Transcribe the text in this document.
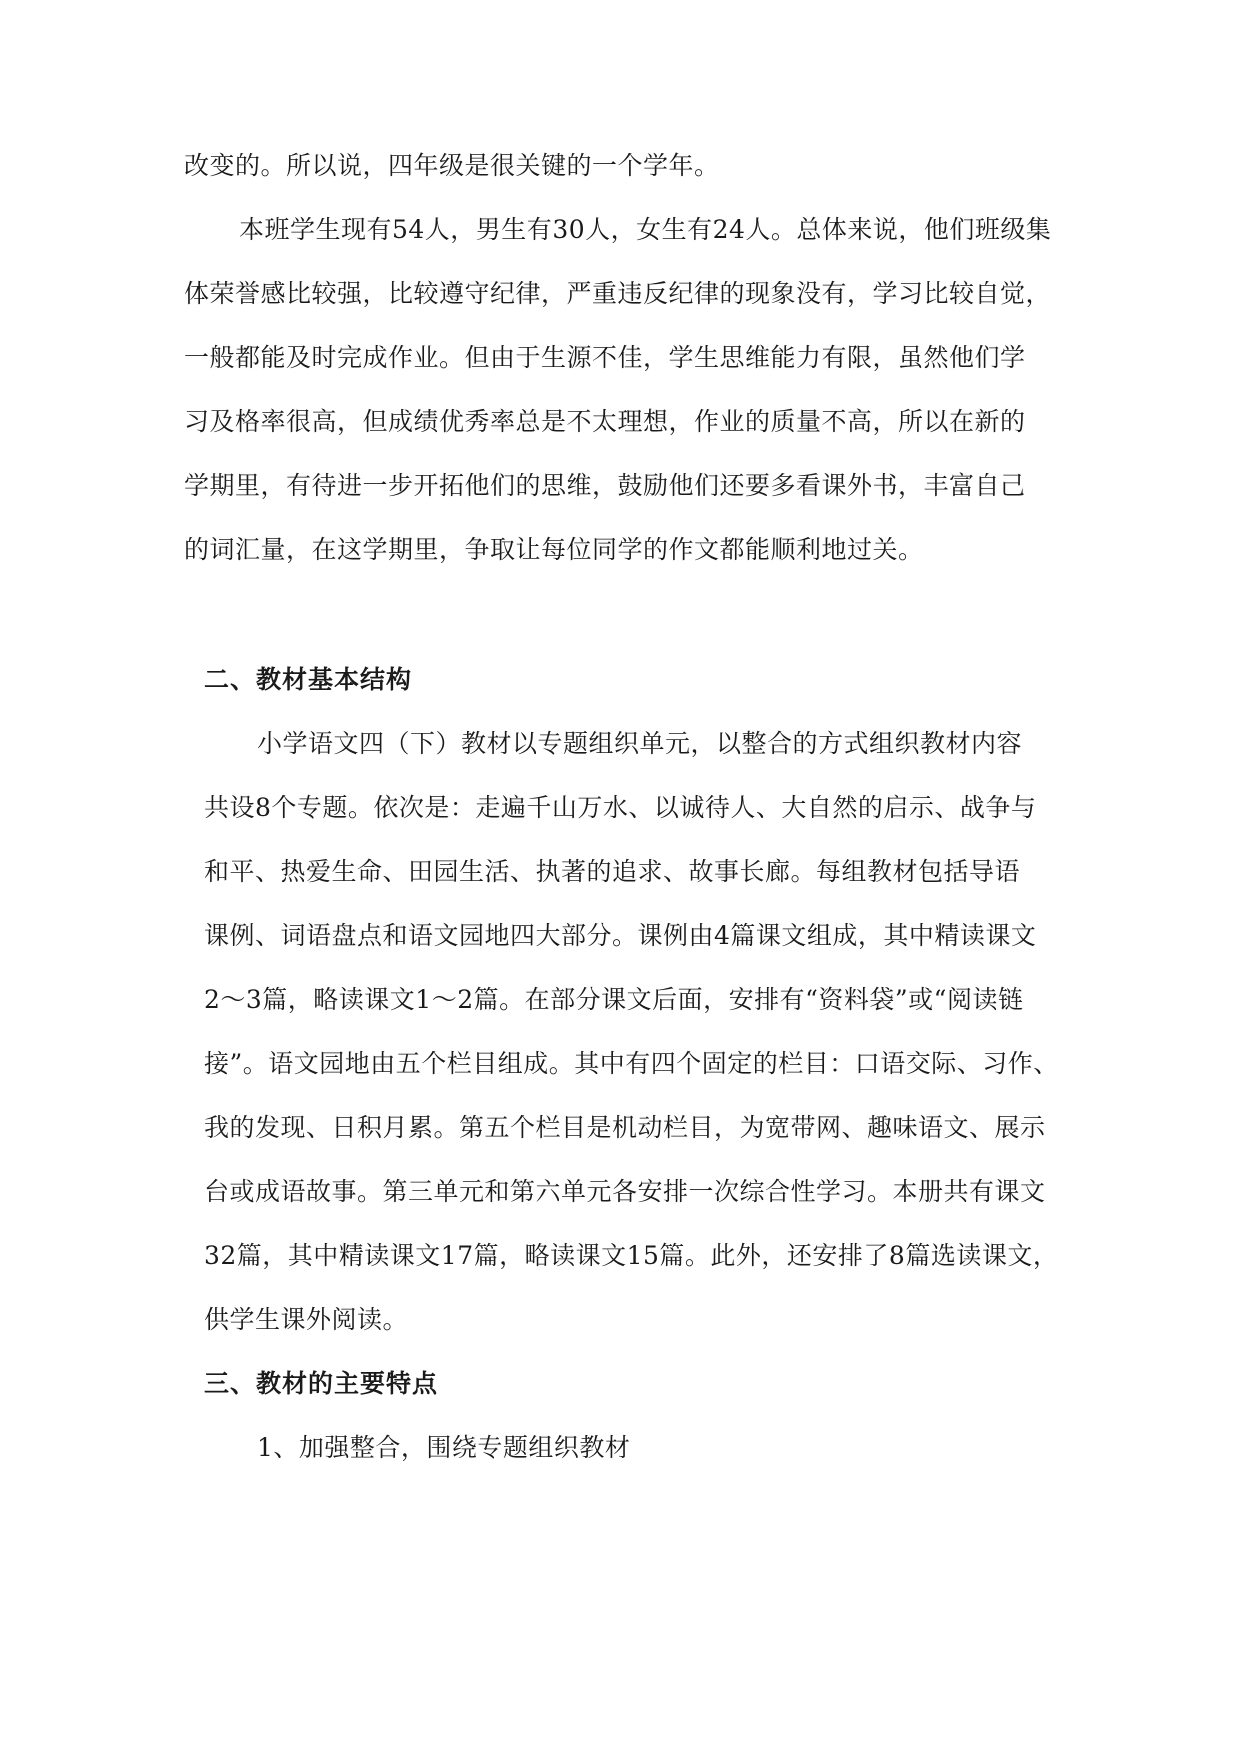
改变的。所以说，四年级是很关键的一个学年。
本班学生现有54人，男生有30人，女生有24人。总体来说，他们班级集
体荣誉感比较强，比较遵守纪律，严重违反纪律的现象没有，学习比较自觉，
一般都能及时完成作业。但由于生源不佳，学生思维能力有限，虽然他们学
习及格率很高，但成绩优秀率总是不太理想，作业的质量不高，所以在新的
学期里，有待进一步开拓他们的思维，鼓励他们还要多看课外书，丰富自己
的词汇量，在这学期里，争取让每位同学的作文都能顺利地过关。
二、教材基本结构
小学语文四（下）教材以专题组织单元，以整合的方式组织教材内容
共设8个专题。依次是：走遍千山万水、以诚待人、大自然的启示、战争与
和平、热爱生命、田园生活、执著的追求、故事长廊。每组教材包括导语
课例、词语盘点和语文园地四大部分。课例由4篇课文组成，其中精读课文
2～3篇，略读课文1～2篇。在部分课文后面，安排有“资料袋”或“阅读链
接”。语文园地由五个栏目组成。其中有四个固定的栏目：口语交际、习作、
我的发现、日积月累。第五个栏目是机动栏目，为宽带网、趣味语文、展示
台或成语故事。第三单元和第六单元各安排一次综合性学习。本册共有课文
32篇，其中精读课文17篇，略读课文15篇。此外，还安排了8篇选读课文，
供学生课外阅读。
三、教材的主要特点
1、加强整合，围绕专题组织教材
